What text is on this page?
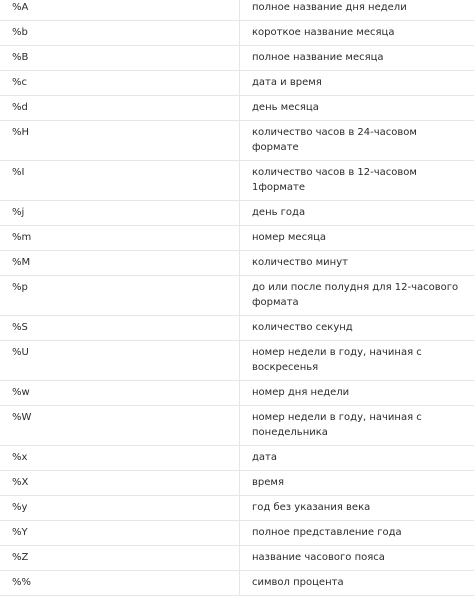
%A	полное название дня недели
%b	короткое название месяца
%B	полное название месяца
%c	дата и время
%d	день месяца
%H	количество часов в 24-часовом формате
%I	количество часов в 12-часовом 1формате
%j	день года
%m	номер месяца
%M	количество минут
%p	до или после полудня для 12-часового формата
%S	количество секунд
%U	номер недели в году, начиная с воскресенья
%w	номер дня недели
%W	номер недели в году, начиная с понедельника
%x	дата
%X	время
%y	год без указания века
%Y	полное представление года
%Z	название часового пояса
%%	символ процента
